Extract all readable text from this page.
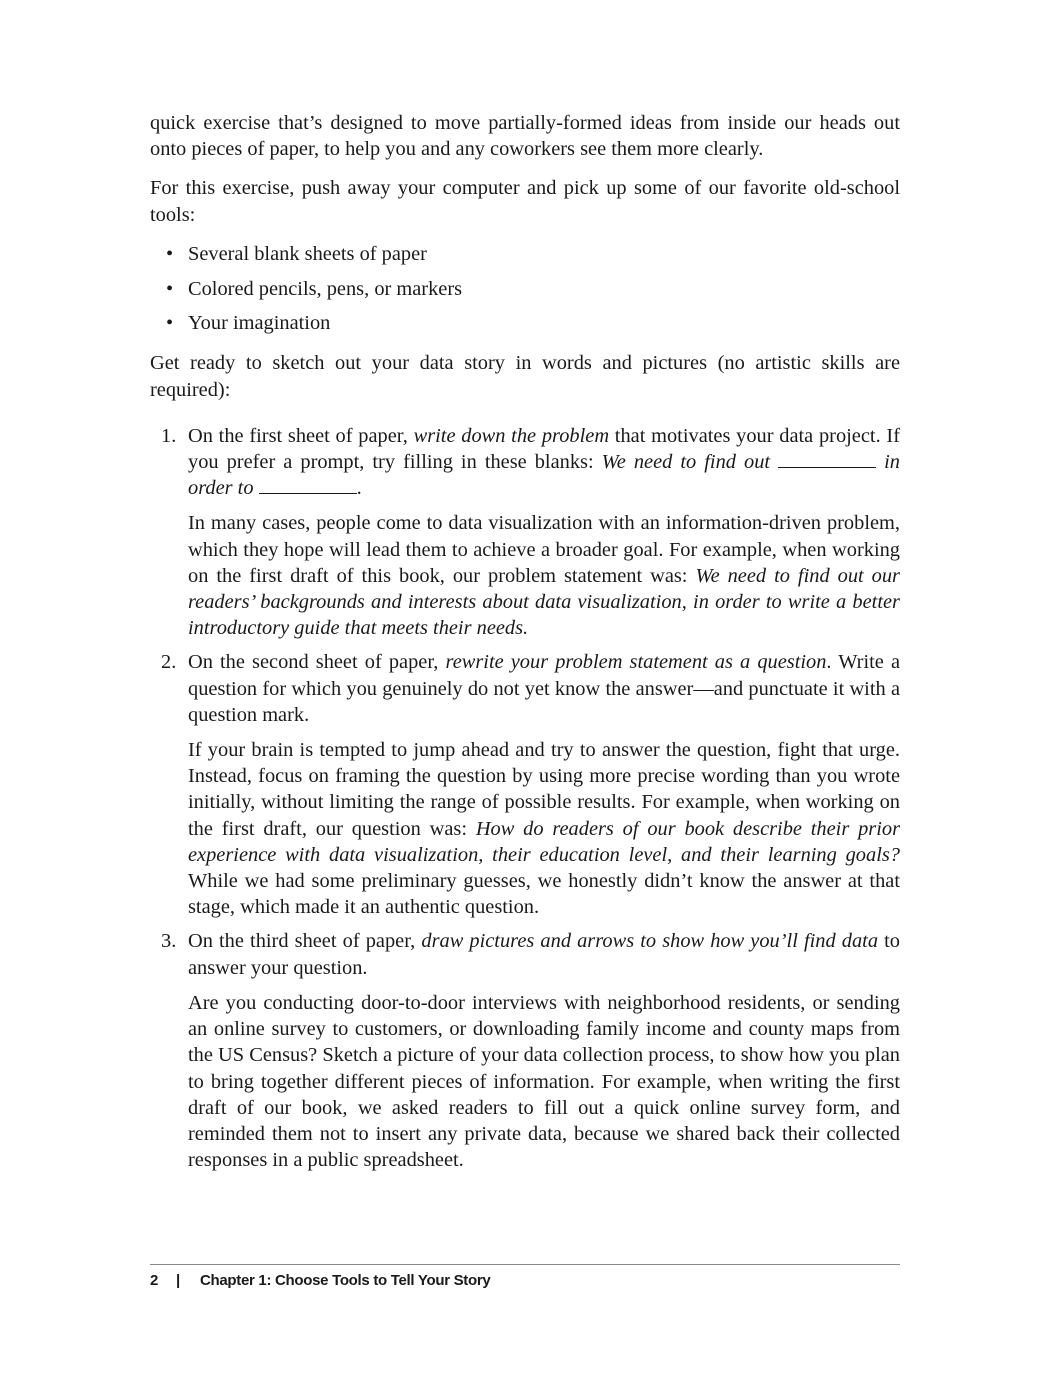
quick exercise that’s designed to move partially-formed ideas from inside our heads out onto pieces of paper, to help you and any coworkers see them more clearly.

For this exercise, push away your computer and pick up some of our favorite old-school tools:

• Several blank sheets of paper
• Colored pencils, pens, or markers
• Your imagination

Get ready to sketch out your data story in words and pictures (no artistic skills are required):

1. On the first sheet of paper, write down the problem that motivates your data project. If you prefer a prompt, try filling in these blanks: We need to find out	in order to	.

In many cases, people come to data visualization with an information-driven problem, which they hope will lead them to achieve a broader goal. For example, when working on the first draft of this book, our problem statement was: We need to find out our readers’ backgrounds and interests about data visualization, in order to write a better introductory guide that meets their needs.

2. On the second sheet of paper, rewrite your problem statement as a question. Write a question for which you genuinely do not yet know the answer—and punctuate it with a question mark.

If your brain is tempted to jump ahead and try to answer the question, fight that urge. Instead, focus on framing the question by using more precise wording than you wrote initially, without limiting the range of possible results. For example, when working on the first draft, our question was: How do readers of our book describe their prior experience with data visualization, their education level, and their learning goals? While we had some preliminary guesses, we honestly didn’t know the answer at that stage, which made it an authentic question.

3. On the third sheet of paper, draw pictures and arrows to show how you’ll find data to answer your question.

Are you conducting door-to-door interviews with neighborhood residents, or sending an online survey to customers, or downloading family income and county maps from the US Census? Sketch a picture of your data collection process, to show how you plan to bring together different pieces of information. For example, when writing the first draft of our book, we asked readers to fill out a quick online survey form, and reminded them not to insert any private data, because we shared back their collected responses in a public spreadsheet.

2 | Chapter 1: Choose Tools to Tell Your Story
